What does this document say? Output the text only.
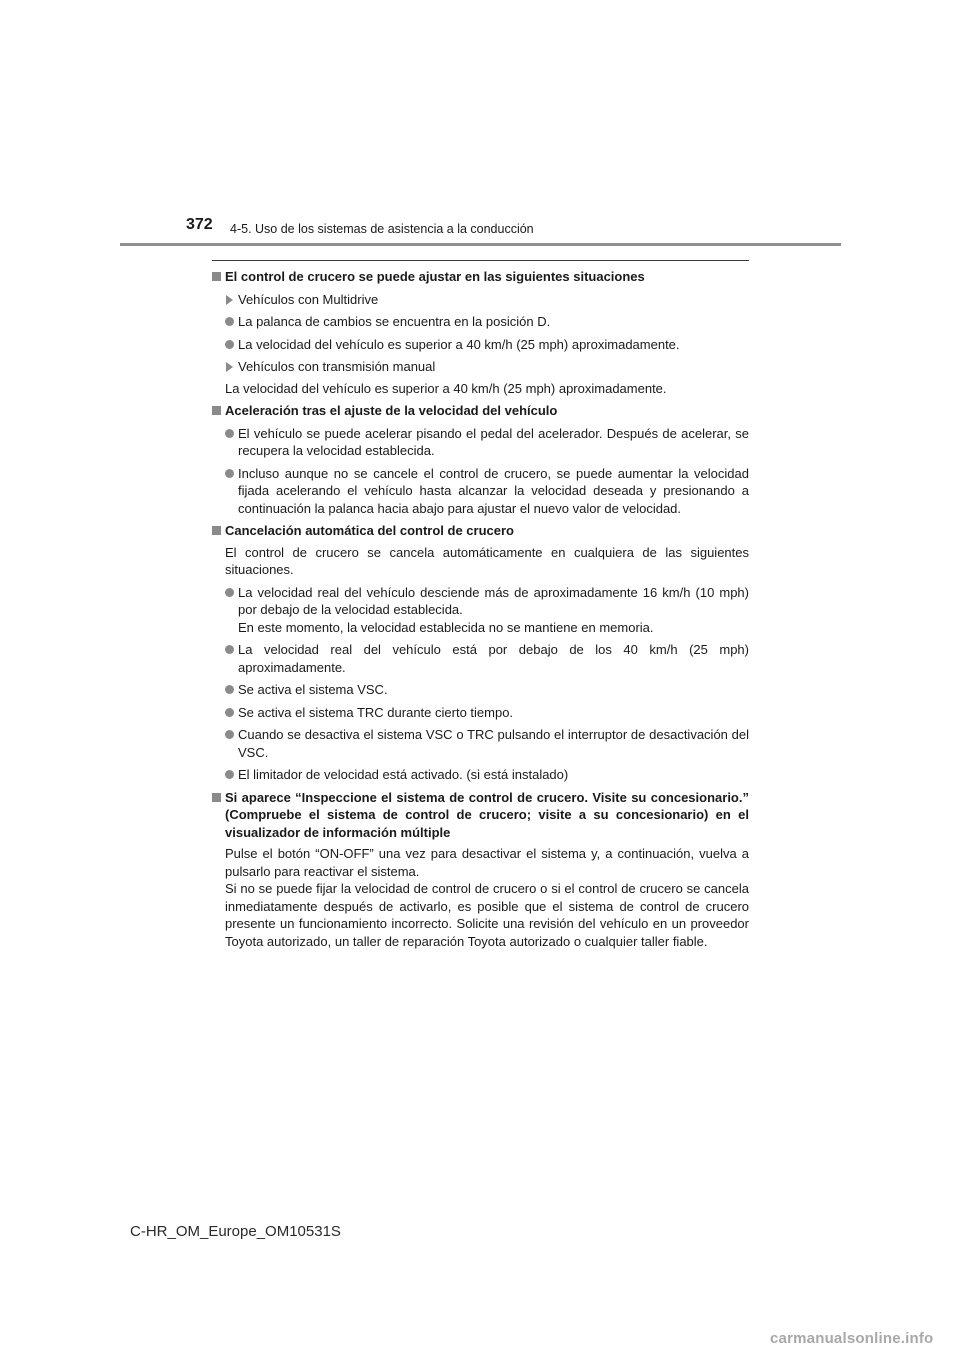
372 4-5. Uso de los sistemas de asistencia a la conducción
El control de crucero se puede ajustar en las siguientes situaciones
Vehículos con Multidrive
La palanca de cambios se encuentra en la posición D.
La velocidad del vehículo es superior a 40 km/h (25 mph) aproximadamente.
Vehículos con transmisión manual
La velocidad del vehículo es superior a 40 km/h (25 mph) aproximadamente.
Aceleración tras el ajuste de la velocidad del vehículo
El vehículo se puede acelerar pisando el pedal del acelerador. Después de acelerar, se recupera la velocidad establecida.
Incluso aunque no se cancele el control de crucero, se puede aumentar la velocidad fijada acelerando el vehículo hasta alcanzar la velocidad deseada y presionando a continuación la palanca hacia abajo para ajustar el nuevo valor de velocidad.
Cancelación automática del control de crucero
El control de crucero se cancela automáticamente en cualquiera de las siguientes situaciones.
La velocidad real del vehículo desciende más de aproximadamente 16 km/h (10 mph) por debajo de la velocidad establecida.
En este momento, la velocidad establecida no se mantiene en memoria.
La velocidad real del vehículo está por debajo de los 40 km/h (25 mph) aproximadamente.
Se activa el sistema VSC.
Se activa el sistema TRC durante cierto tiempo.
Cuando se desactiva el sistema VSC o TRC pulsando el interruptor de desactivación del VSC.
El limitador de velocidad está activado. (si está instalado)
Si aparece “Inspeccione el sistema de control de crucero. Visite su concesionario.” (Compruebe el sistema de control de crucero; visite a su concesionario) en el visualizador de información múltiple
Pulse el botón “ON-OFF” una vez para desactivar el sistema y, a continuación, vuelva a pulsarlo para reactivar el sistema.
Si no se puede fijar la velocidad de control de crucero o si el control de crucero se cancela inmediatamente después de activarlo, es posible que el sistema de control de crucero presente un funcionamiento incorrecto. Solicite una revisión del vehículo en un proveedor Toyota autorizado, un taller de reparación Toyota autorizado o cualquier taller fiable.
C-HR_OM_Europe_OM10531S
carmanualsonline.info
